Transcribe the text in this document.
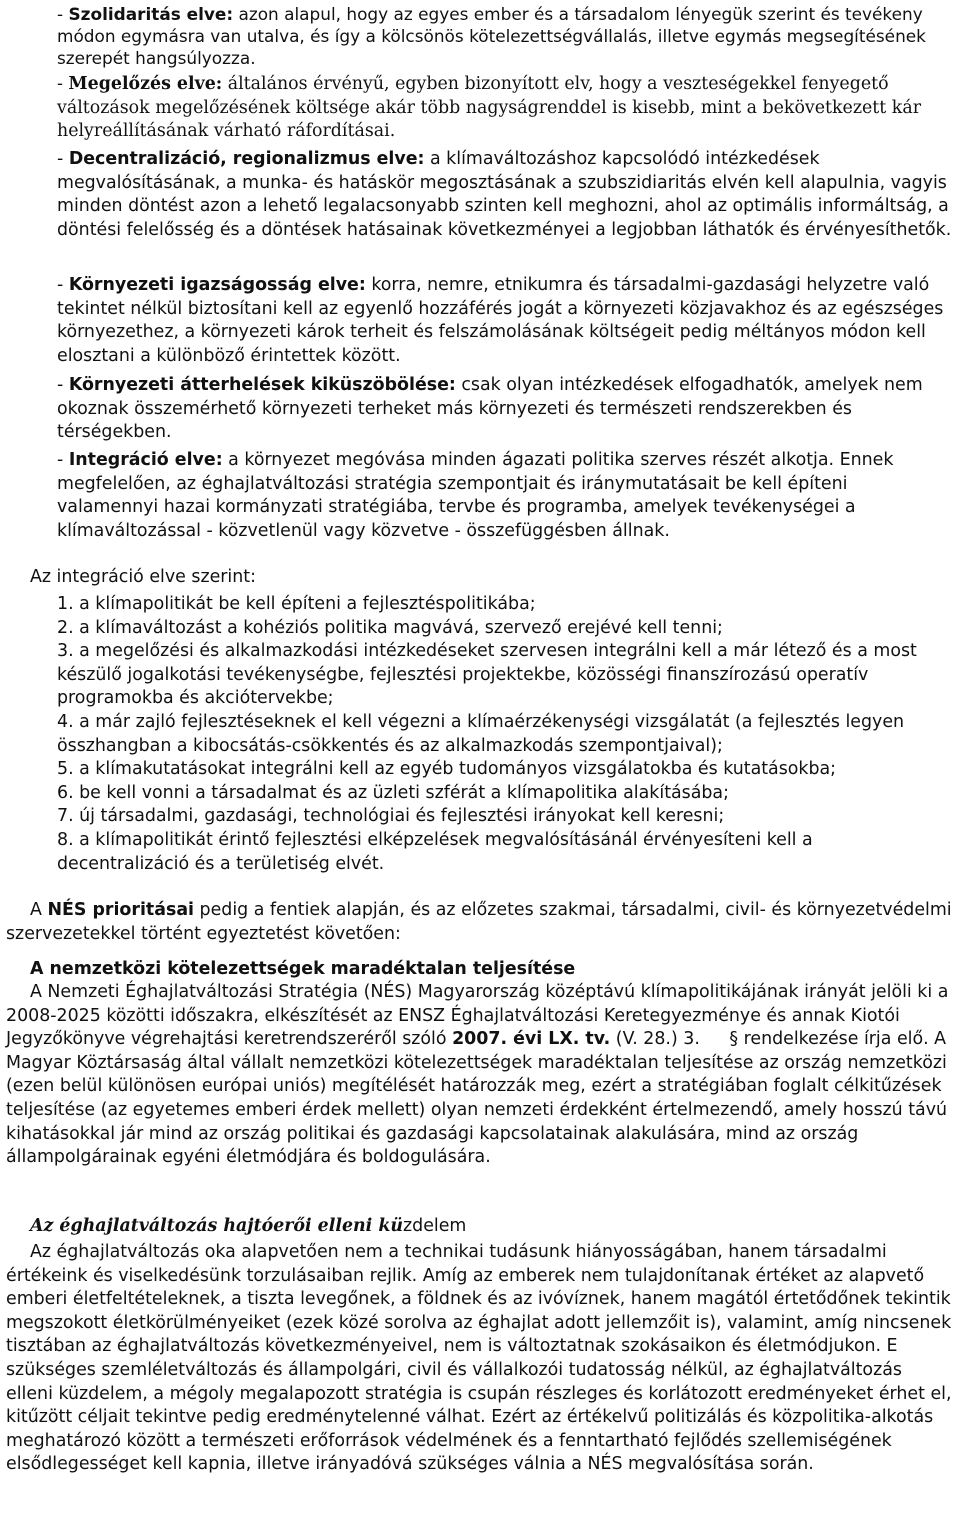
- Szolidaritás elve: azon alapul, hogy az egyes ember és a társadalom lényegük szerint és tevékeny módon egymásra van utalva, és így a kölcsönös kötelezettségvállalás, illetve egymás megsegítésének szerepét hangsúlyozza.

- Megelőzés elve: általános érvényű, egyben bizonyított elv, hogy a veszteségekkel fenyegető változások megelőzésének költsége akár több nagyságrenddel is kisebb, mint a bekövetkezett kár helyreállításának várható ráfordításai.

- Decentralizáció, regionalizmus elve: a klímaváltozáshoz kapcsolódó intézkedések megvalósításának, a munka- és hatáskör megosztásának a szubszidiaritás elvén kell alapulnia, vagyis minden döntést azon a lehető legalacsonyabb szinten kell meghozni, ahol az optimális informáltság, a döntési felelősség és a döntések hatásainak következményei a legjobban láthatók és érvényesíthetők.

- Környezeti igazságosság elve: korra, nemre, etnikumra és társadalmi-gazdasági helyzetre való tekintet nélkül biztosítani kell az egyenlő hozzáférés jogát a környezeti közjavakhoz és az egészséges környezethez, a környezeti károk terheit és felszámolásának költségeit pedig méltányos módon kell elosztani a különböző érintettek között.

- Környezeti átterhelések kiküszöbölése: csak olyan intézkedések elfogadhatók, amelyek nem okoznak összemérhető környezeti terheket más környezeti és természeti rendszerekben és térségekben.

- Integráció elve: a környezet megóvása minden ágazati politika szerves részét alkotja. Ennek megfelelően, az éghajlatváltozási stratégia szempontjait és iránymutatásait be kell építeni valamennyi hazai kormányzati stratégiába, tervbe és programba, amelyek tevékenységei a klímaváltozással - közvetlenül vagy közvetve - összefüggésben állnak.

Az integráció elve szerint:

1. a klímapolitikát be kell építeni a fejlesztéspolitikába;

2. a klímaváltozást a kohéziós politika magvává, szervező erejévé kell tenni;

3. a megelőzési és alkalmazkodási intézkedéseket szervesen integrálni kell a már létező és a most készülő jogalkotási tevékenységbe, fejlesztési projektekbe, közösségi finanszírozású operatív programokba és akciótervekbe;

4. a már zajló fejlesztéseknek el kell végezni a klímaérzékenységi vizsgálatát (a fejlesztés legyen összhangban a kibocsátás-csökkentés és az alkalmazkodás szempontjaival);

5. a klímakutatásokat integrálni kell az egyéb tudományos vizsgálatokba és kutatásokba;

6. be kell vonni a társadalmat és az üzleti szférát a klímapolitika alakításába;

7. új társadalmi, gazdasági, technológiai és fejlesztési irányokat kell keresni;

8. a klímapolitikát érintő fejlesztési elképzelések megvalósításánál érvényesíteni kell a decentralizáció és a területiség elvét.

A NÉS prioritásai pedig a fentiek alapján, és az előzetes szakmai, társadalmi, civil- és környezetvédelmi szervezetekkel történt egyeztetést követően:

A nemzetközi kötelezettségek maradéktalan teljesítése

A Nemzeti Éghajlatváltozási Stratégia (NÉS) Magyarország középtávú klímapolitikájának irányát jelöli ki a 2008-2025 közötti időszakra, elkészítését az ENSZ Éghajlatváltozási Keretegyezménye és annak Kiotói Jegyzőkönyve végrehajtási keretrendszeréről szóló 2007. évi LX. tv. (V. 28.) 3. § rendelkezése írja elő. A Magyar Köztársaság által vállalt nemzetközi kötelezettségek maradéktalan teljesítése az ország nemzetközi (ezen belül különösen európai uniós) megítélését határozzák meg, ezért a stratégiában foglalt célkitűzések teljesítése (az egyetemes emberi érdek mellett) olyan nemzeti érdekként értelmezendő, amely hosszú távú kihatásokkal jár mind az ország politikai és gazdasági kapcsolatainak alakulására, mind az ország állampolgárainak egyéni életmódjára és boldogulására.

Az éghajlatváltozás hajtóerői elleni küzdelem

Az éghajlatváltozás oka alapvetően nem a technikai tudásunk hiányosságában, hanem társadalmi értékeink és viselkedésünk torzulásaiban rejlik. Amíg az emberek nem tulajdonítanak értéket az alapvető emberi életfeltételeknek, a tiszta levegőnek, a földnek és az ivóvíznek, hanem magától értetődőnek tekintik megszokott életkörülményeiket (ezek közé sorolva az éghajlat adott jellemzőit is), valamint, amíg nincsenek tisztában az éghajlatváltozás következményeivel, nem is változtatnak szokásaikon és életmódjukon. E szükséges szemléletváltozás és állampolgári, civil és vállalkozói tudatosság nélkül, az éghajlatváltozás elleni küzdelem, a mégoly megalapozott stratégia is csupán részleges és korlátozott eredményeket érhet el, kitűzött céljait tekintve pedig eredménytelenné válhat. Ezért az értékelvű politizálás és közpolitika-alkotás meghatározó között a természeti erőforrások védelmének és a fenntartható fejlődés szellemiségének elsődlegességet kell kapnia, illetve irányadóvá szükséges válnia a NÉS megvalósítása során.
